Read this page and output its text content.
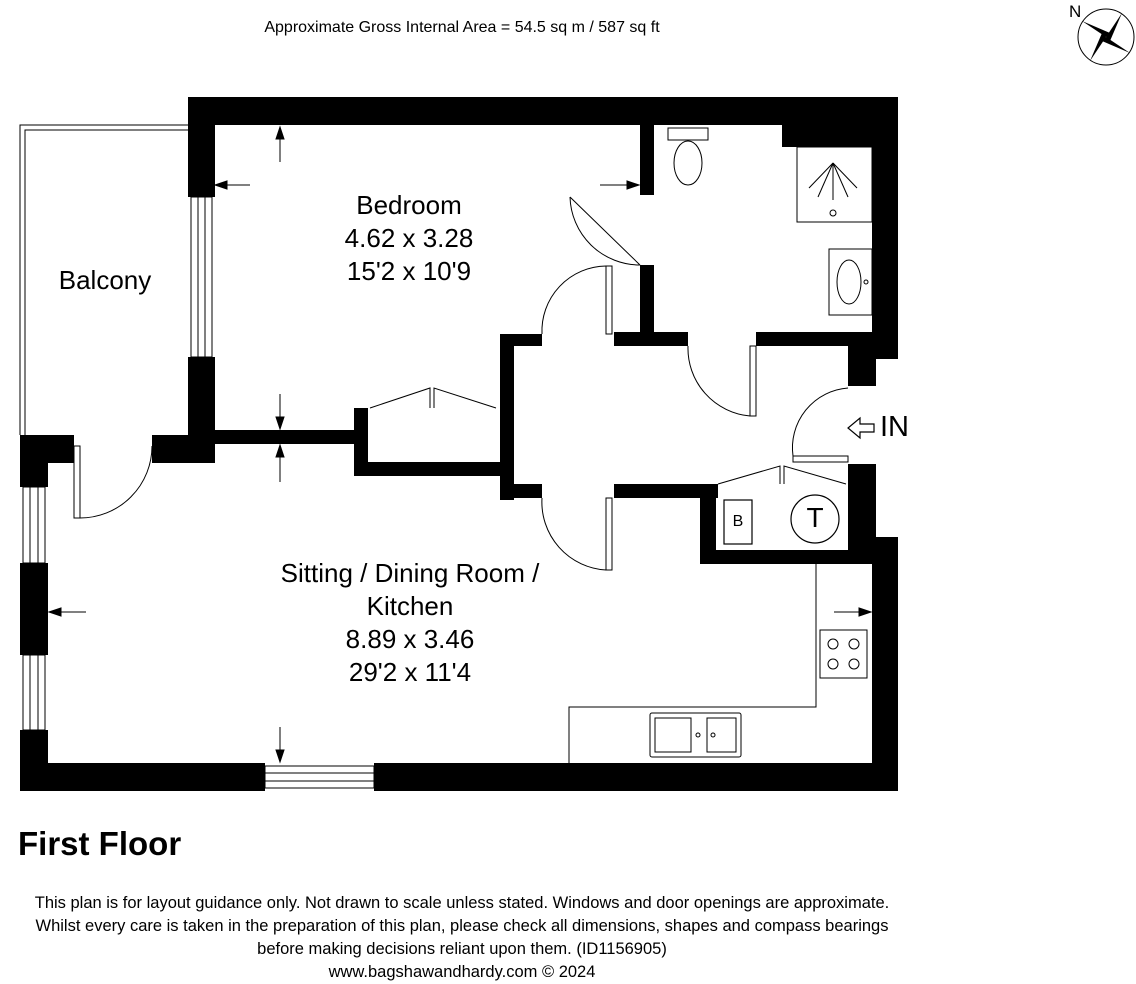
Approximate Gross Internal Area = 54.5 sq m / 587 sq ft
N
Bedroom
4.62 x 3.28
15'2 x 10'9
Balcony
Sitting / Dining Room /
Kitchen
8.89 x 3.46
29'2 x 11'4
B	T
IN
First Floor
This plan is for layout guidance only. Not drawn to scale unless stated. Windows and door openings are approximate.
Whilst every care is taken in the preparation of this plan, please check all dimensions, shapes and compass bearings
before making decisions reliant upon them. (ID1156905)
www.bagshawandhardy.com © 2024
